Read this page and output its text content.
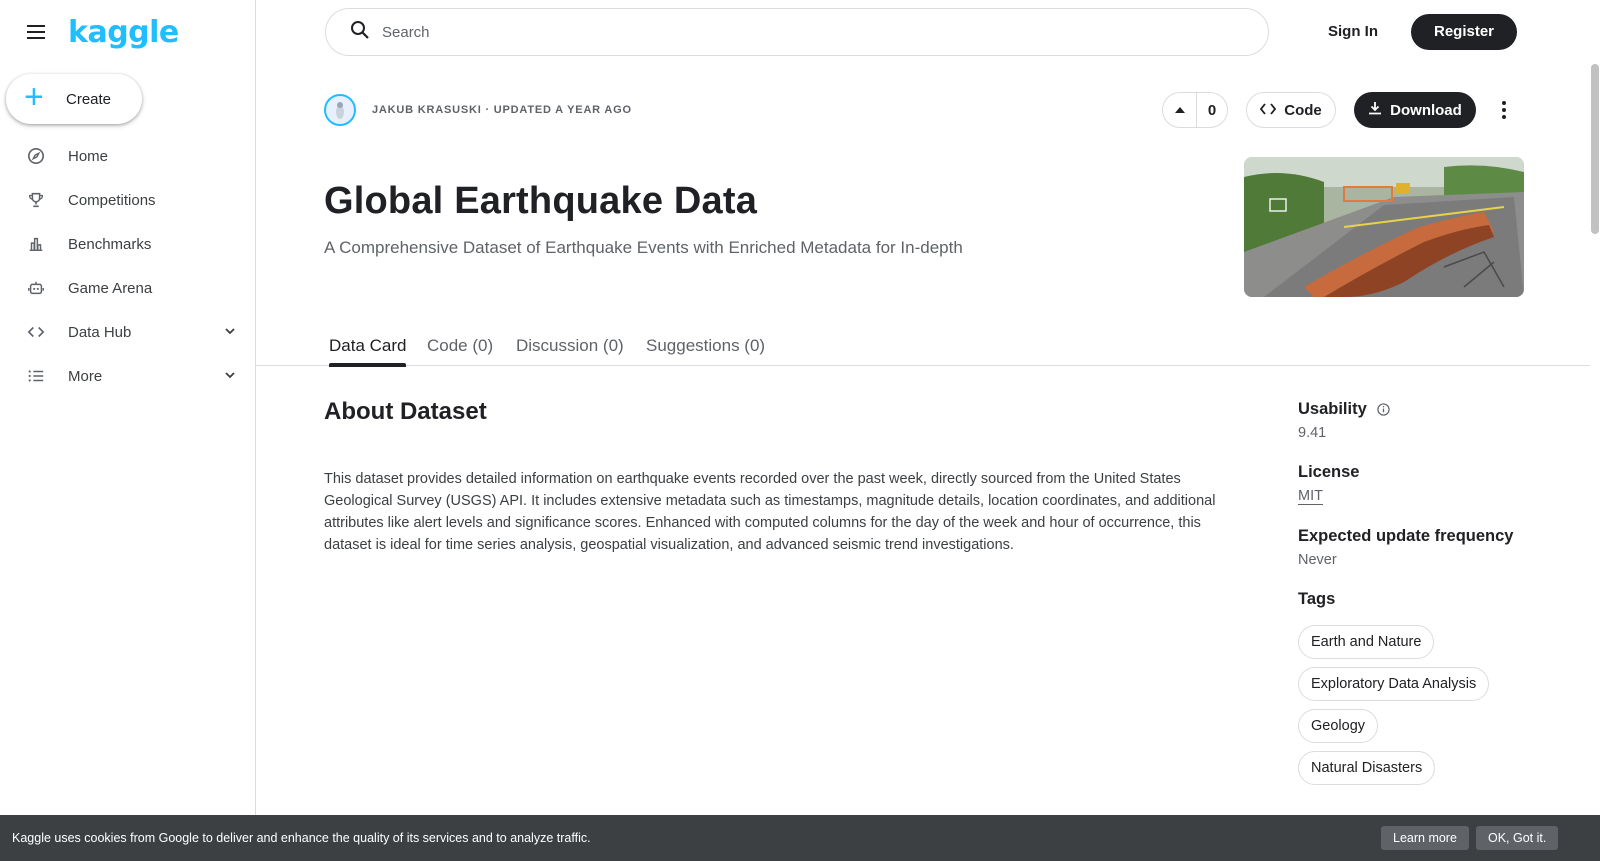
kaggle
+	Create
Home
Competitions
Benchmarks
Game Arena
Data Hub
More
Search	Sign In	Register
JAKUB KRASUSKI · UPDATED A YEAR AGO	0	Code	Download
Global Earthquake Data
A Comprehensive Dataset of Earthquake Events with Enriched Metadata for In-depth
Data Card Code (0) Discussion (0) Suggestions (0)
About Dataset

This dataset provides detailed information on earthquake events recorded over the past week, directly sourced from the United States Geological Survey (USGS) API. It includes extensive metadata such as timestamps, magnitude details, location coordinates, and additional attributes like alert levels and significance scores. Enhanced with computed columns for the day of the week and hour of occurrence, this dataset is ideal for time series analysis, geospatial visualization, and advanced seismic trend investigations.

Usability
9.41
License
MIT
Expected update frequency
Never
Tags
Earth and Nature
Exploratory Data Analysis
Geology
Natural Disasters
Kaggle uses cookies from Google to deliver and enhance the quality of its services and to analyze traffic.	Learn more	OK, Got it.
